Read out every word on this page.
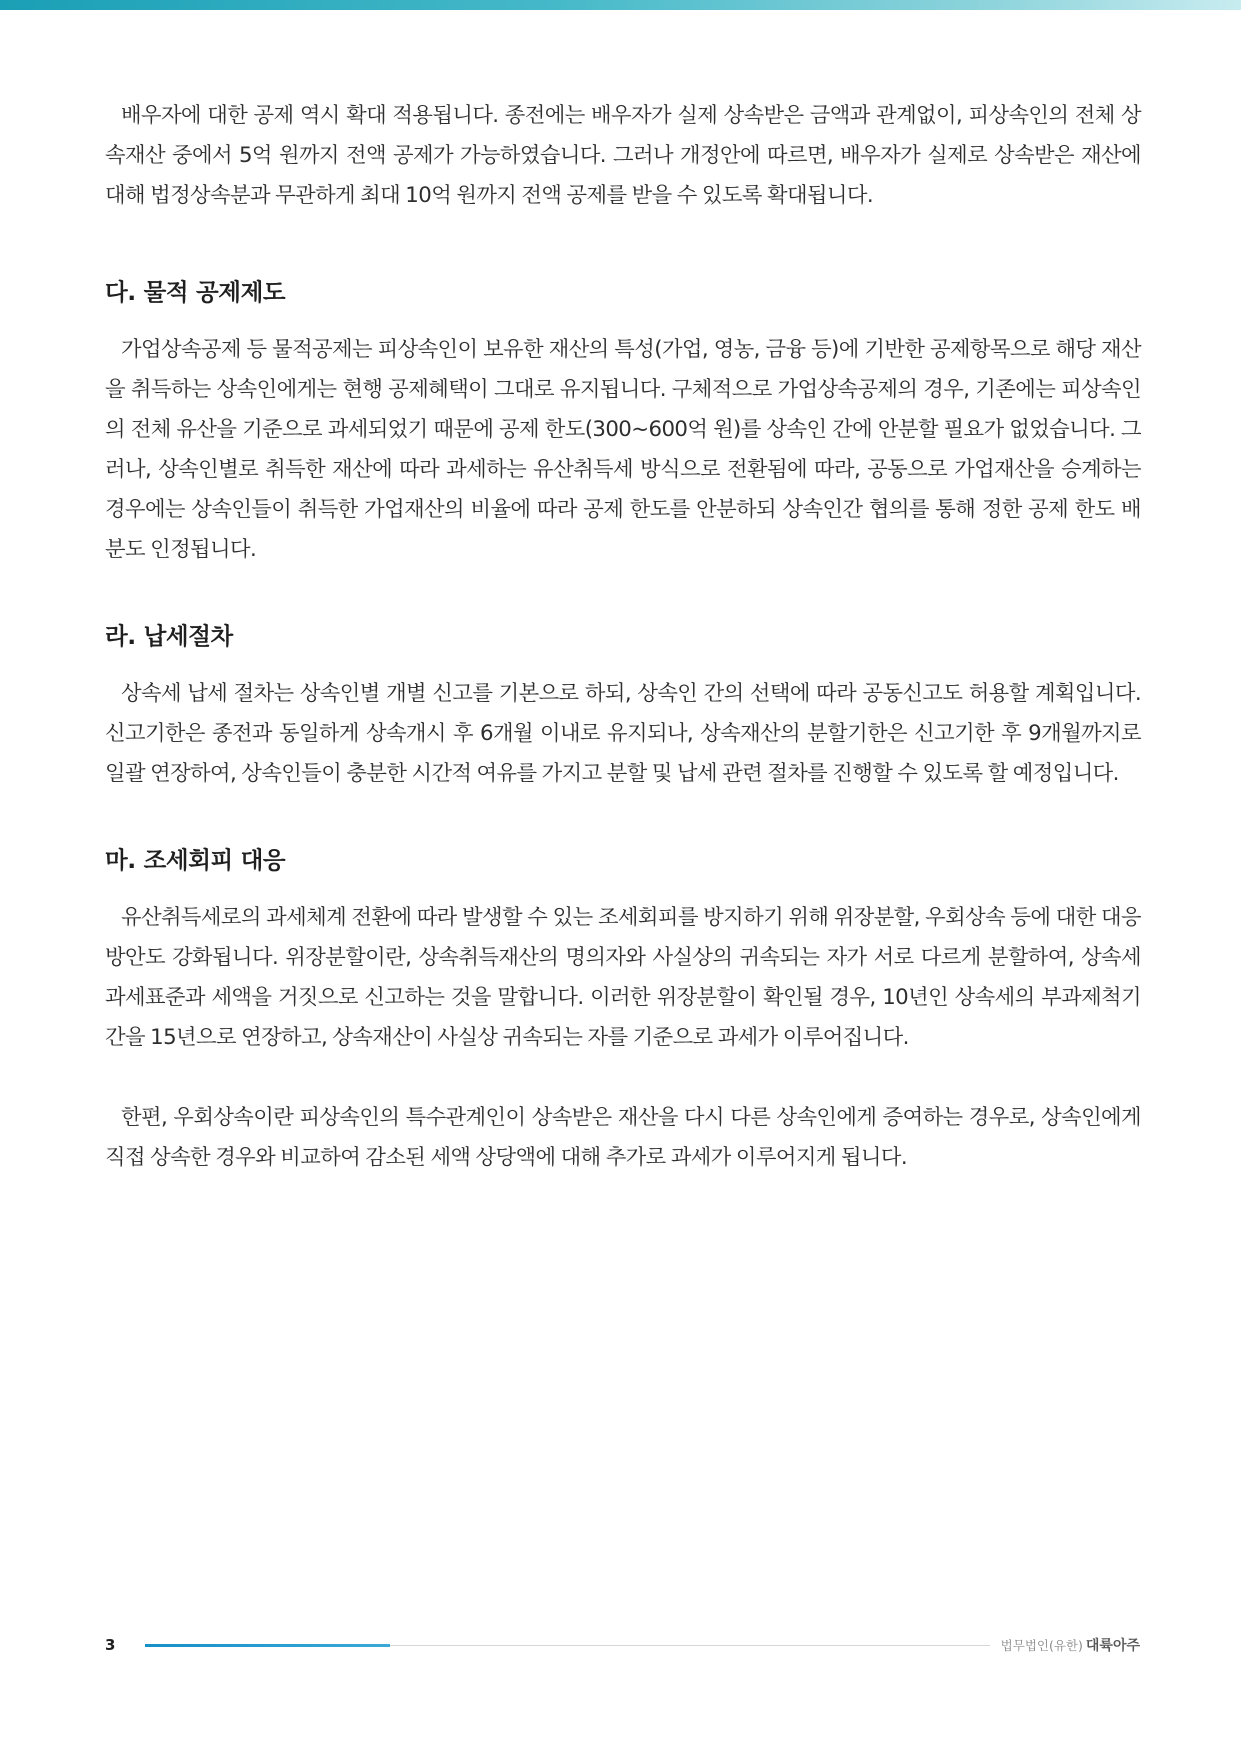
배우자에 대한 공제 역시 확대 적용됩니다. 종전에는 배우자가 실제 상속받은 금액과 관계없이, 피상속인의 전체 상속재산 중에서 5억 원까지 전액 공제가 가능하였습니다. 그러나 개정안에 따르면, 배우자가 실제로 상속받은 재산에 대해 법정상속분과 무관하게 최대 10억 원까지 전액 공제를 받을 수 있도록 확대됩니다.

다. 물적 공제제도

가업상속공제 등 물적공제는 피상속인이 보유한 재산의 특성(가업, 영농, 금융 등)에 기반한 공제항목으로 해당 재산을 취득하는 상속인에게는 현행 공제혜택이 그대로 유지됩니다. 구체적으로 가업상속공제의 경우, 기존에는 피상속인의 전체 유산을 기준으로 과세되었기 때문에 공제 한도(300~600억 원)를 상속인 간에 안분할 필요가 없었습니다. 그러나, 상속인별로 취득한 재산에 따라 과세하는 유산취득세 방식으로 전환됨에 따라, 공동으로 가업재산을 승계하는 경우에는 상속인들이 취득한 가업재산의 비율에 따라 공제 한도를 안분하되 상속인간 협의를 통해 정한 공제 한도 배분도 인정됩니다.

라. 납세절차

상속세 납세 절차는 상속인별 개별 신고를 기본으로 하되, 상속인 간의 선택에 따라 공동신고도 허용할 계획입니다. 신고기한은 종전과 동일하게 상속개시 후 6개월 이내로 유지되나, 상속재산의 분할기한은 신고기한 후 9개월까지로 일괄 연장하여, 상속인들이 충분한 시간적 여유를 가지고 분할 및 납세 관련 절차를 진행할 수 있도록 할 예정입니다.

마. 조세회피 대응

유산취득세로의 과세체계 전환에 따라 발생할 수 있는 조세회피를 방지하기 위해 위장분할, 우회상속 등에 대한 대응방안도 강화됩니다. 위장분할이란, 상속취득재산의 명의자와 사실상의 귀속되는 자가 서로 다르게 분할하여, 상속세 과세표준과 세액을 거짓으로 신고하는 것을 말합니다. 이러한 위장분할이 확인될 경우, 10년인 상속세의 부과제척기간을 15년으로 연장하고, 상속재산이 사실상 귀속되는 자를 기준으로 과세가 이루어집니다.

한편, 우회상속이란 피상속인의 특수관계인이 상속받은 재산을 다시 다른 상속인에게 증여하는 경우로, 상속인에게 직접 상속한 경우와 비교하여 감소된 세액 상당액에 대해 추가로 과세가 이루어지게 됩니다.

3	법무법인(유한) 대륙아주
